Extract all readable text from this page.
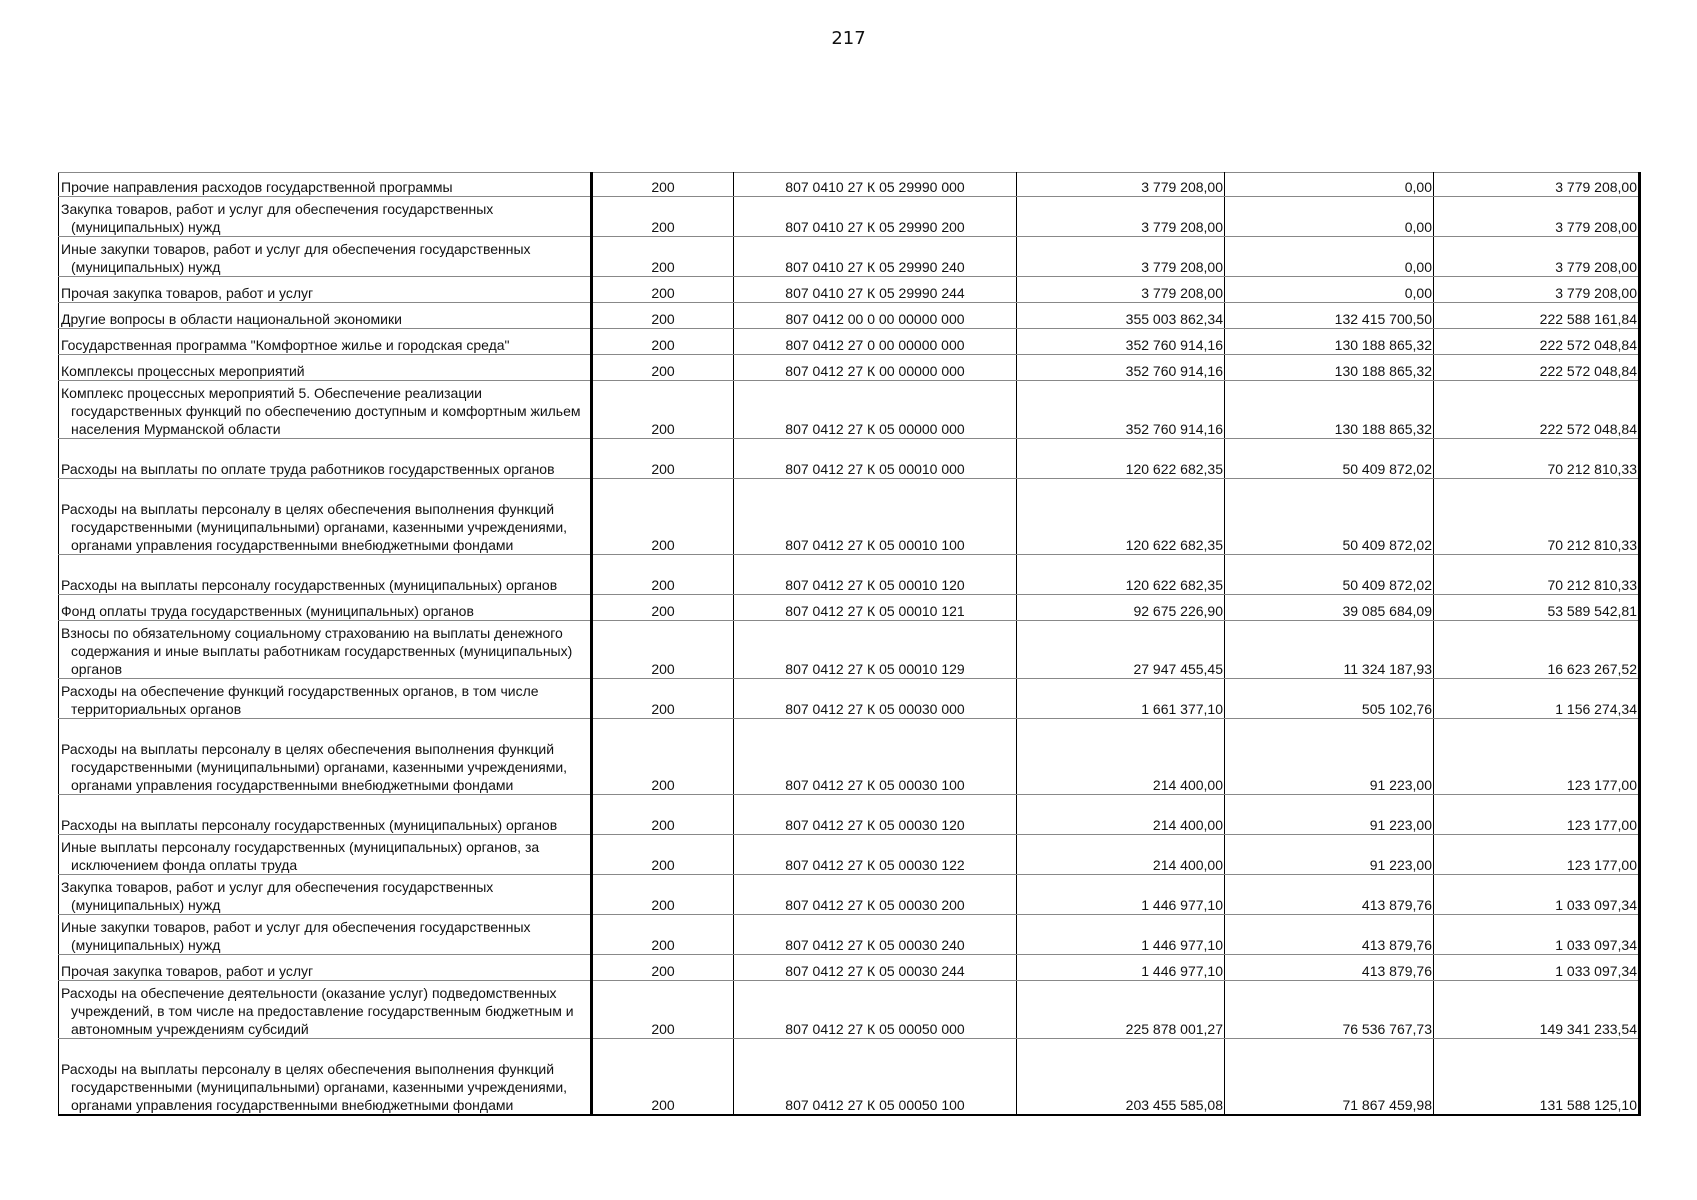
217
Прочие направления расходов государственной программы	200	807 0410 27 К 05 29990 000	3 779 208,00	0,00	3 779 208,00

Закупка товаров, работ и услуг для обеспечения государственных (муниципальных) нужд	200	807 0410 27 К 05 29990 200	3 779 208,00	0,00	3 779 208,00

Иные закупки товаров, работ и услуг для обеспечения государственных (муниципальных) нужд	200	807 0410 27 К 05 29990 240	3 779 208,00	0,00	3 779 208,00

Прочая закупка товаров, работ и услуг	200	807 0410 27 К 05 29990 244	3 779 208,00	0,00	3 779 208,00

Другие вопросы в области национальной экономики	200	807 0412 00 0 00 00000 000	355 003 862,34	132 415 700,50	222 588 161,84

Государственная программа "Комфортное жилье и городская среда"	200	807 0412 27 0 00 00000 000	352 760 914,16	130 188 865,32	222 572 048,84

Комплексы процессных мероприятий	200	807 0412 27 К 00 00000 000	352 760 914,16	130 188 865,32	222 572 048,84

Комплекс процессных мероприятий 5. Обеспечение реализации государственных функций по обеспечению доступным и комфортным жильем населения Мурманской области	200	807 0412 27 К 05 00000 000	352 760 914,16	130 188 865,32	222 572 048,84

Расходы на выплаты по оплате труда работников государственных органов	200	807 0412 27 К 05 00010 000	120 622 682,35	50 409 872,02	70 212 810,33

Расходы на выплаты персоналу в целях обеспечения выполнения функций государственными (муниципальными) органами, казенными учреждениями, органами управления государственными внебюджетными фондами	200	807 0412 27 К 05 00010 100	120 622 682,35	50 409 872,02	70 212 810,33

Расходы на выплаты персоналу государственных (муниципальных) органов	200	807 0412 27 К 05 00010 120	120 622 682,35	50 409 872,02	70 212 810,33

Фонд оплаты труда государственных (муниципальных) органов	200	807 0412 27 К 05 00010 121	92 675 226,90	39 085 684,09	53 589 542,81

Взносы по обязательному социальному страхованию на выплаты денежного содержания и иные выплаты работникам государственных (муниципальных) органов	200	807 0412 27 К 05 00010 129	27 947 455,45	11 324 187,93	16 623 267,52

Расходы на обеспечение функций государственных органов, в том числе территориальных органов	200	807 0412 27 К 05 00030 000	1 661 377,10	505 102,76	1 156 274,34

Расходы на выплаты персоналу в целях обеспечения выполнения функций государственными (муниципальными) органами, казенными учреждениями, органами управления государственными внебюджетными фондами	200	807 0412 27 К 05 00030 100	214 400,00	91 223,00	123 177,00

Расходы на выплаты персоналу государственных (муниципальных) органов	200	807 0412 27 К 05 00030 120	214 400,00	91 223,00	123 177,00

Иные выплаты персоналу государственных (муниципальных) органов, за исключением фонда оплаты труда	200	807 0412 27 К 05 00030 122	214 400,00	91 223,00	123 177,00

Закупка товаров, работ и услуг для обеспечения государственных (муниципальных) нужд	200	807 0412 27 К 05 00030 200	1 446 977,10	413 879,76	1 033 097,34

Иные закупки товаров, работ и услуг для обеспечения государственных (муниципальных) нужд	200	807 0412 27 К 05 00030 240	1 446 977,10	413 879,76	1 033 097,34

Прочая закупка товаров, работ и услуг	200	807 0412 27 К 05 00030 244	1 446 977,10	413 879,76	1 033 097,34

Расходы на обеспечение деятельности (оказание услуг) подведомственных учреждений, в том числе на предоставление государственным бюджетным и автономным учреждениям субсидий	200	807 0412 27 К 05 00050 000	225 878 001,27	76 536 767,73	149 341 233,54

Расходы на выплаты персоналу в целях обеспечения выполнения функций государственными (муниципальными) органами, казенными учреждениями, органами управления государственными внебюджетными фондами	200	807 0412 27 К 05 00050 100	203 455 585,08	71 867 459,98	131 588 125,10
